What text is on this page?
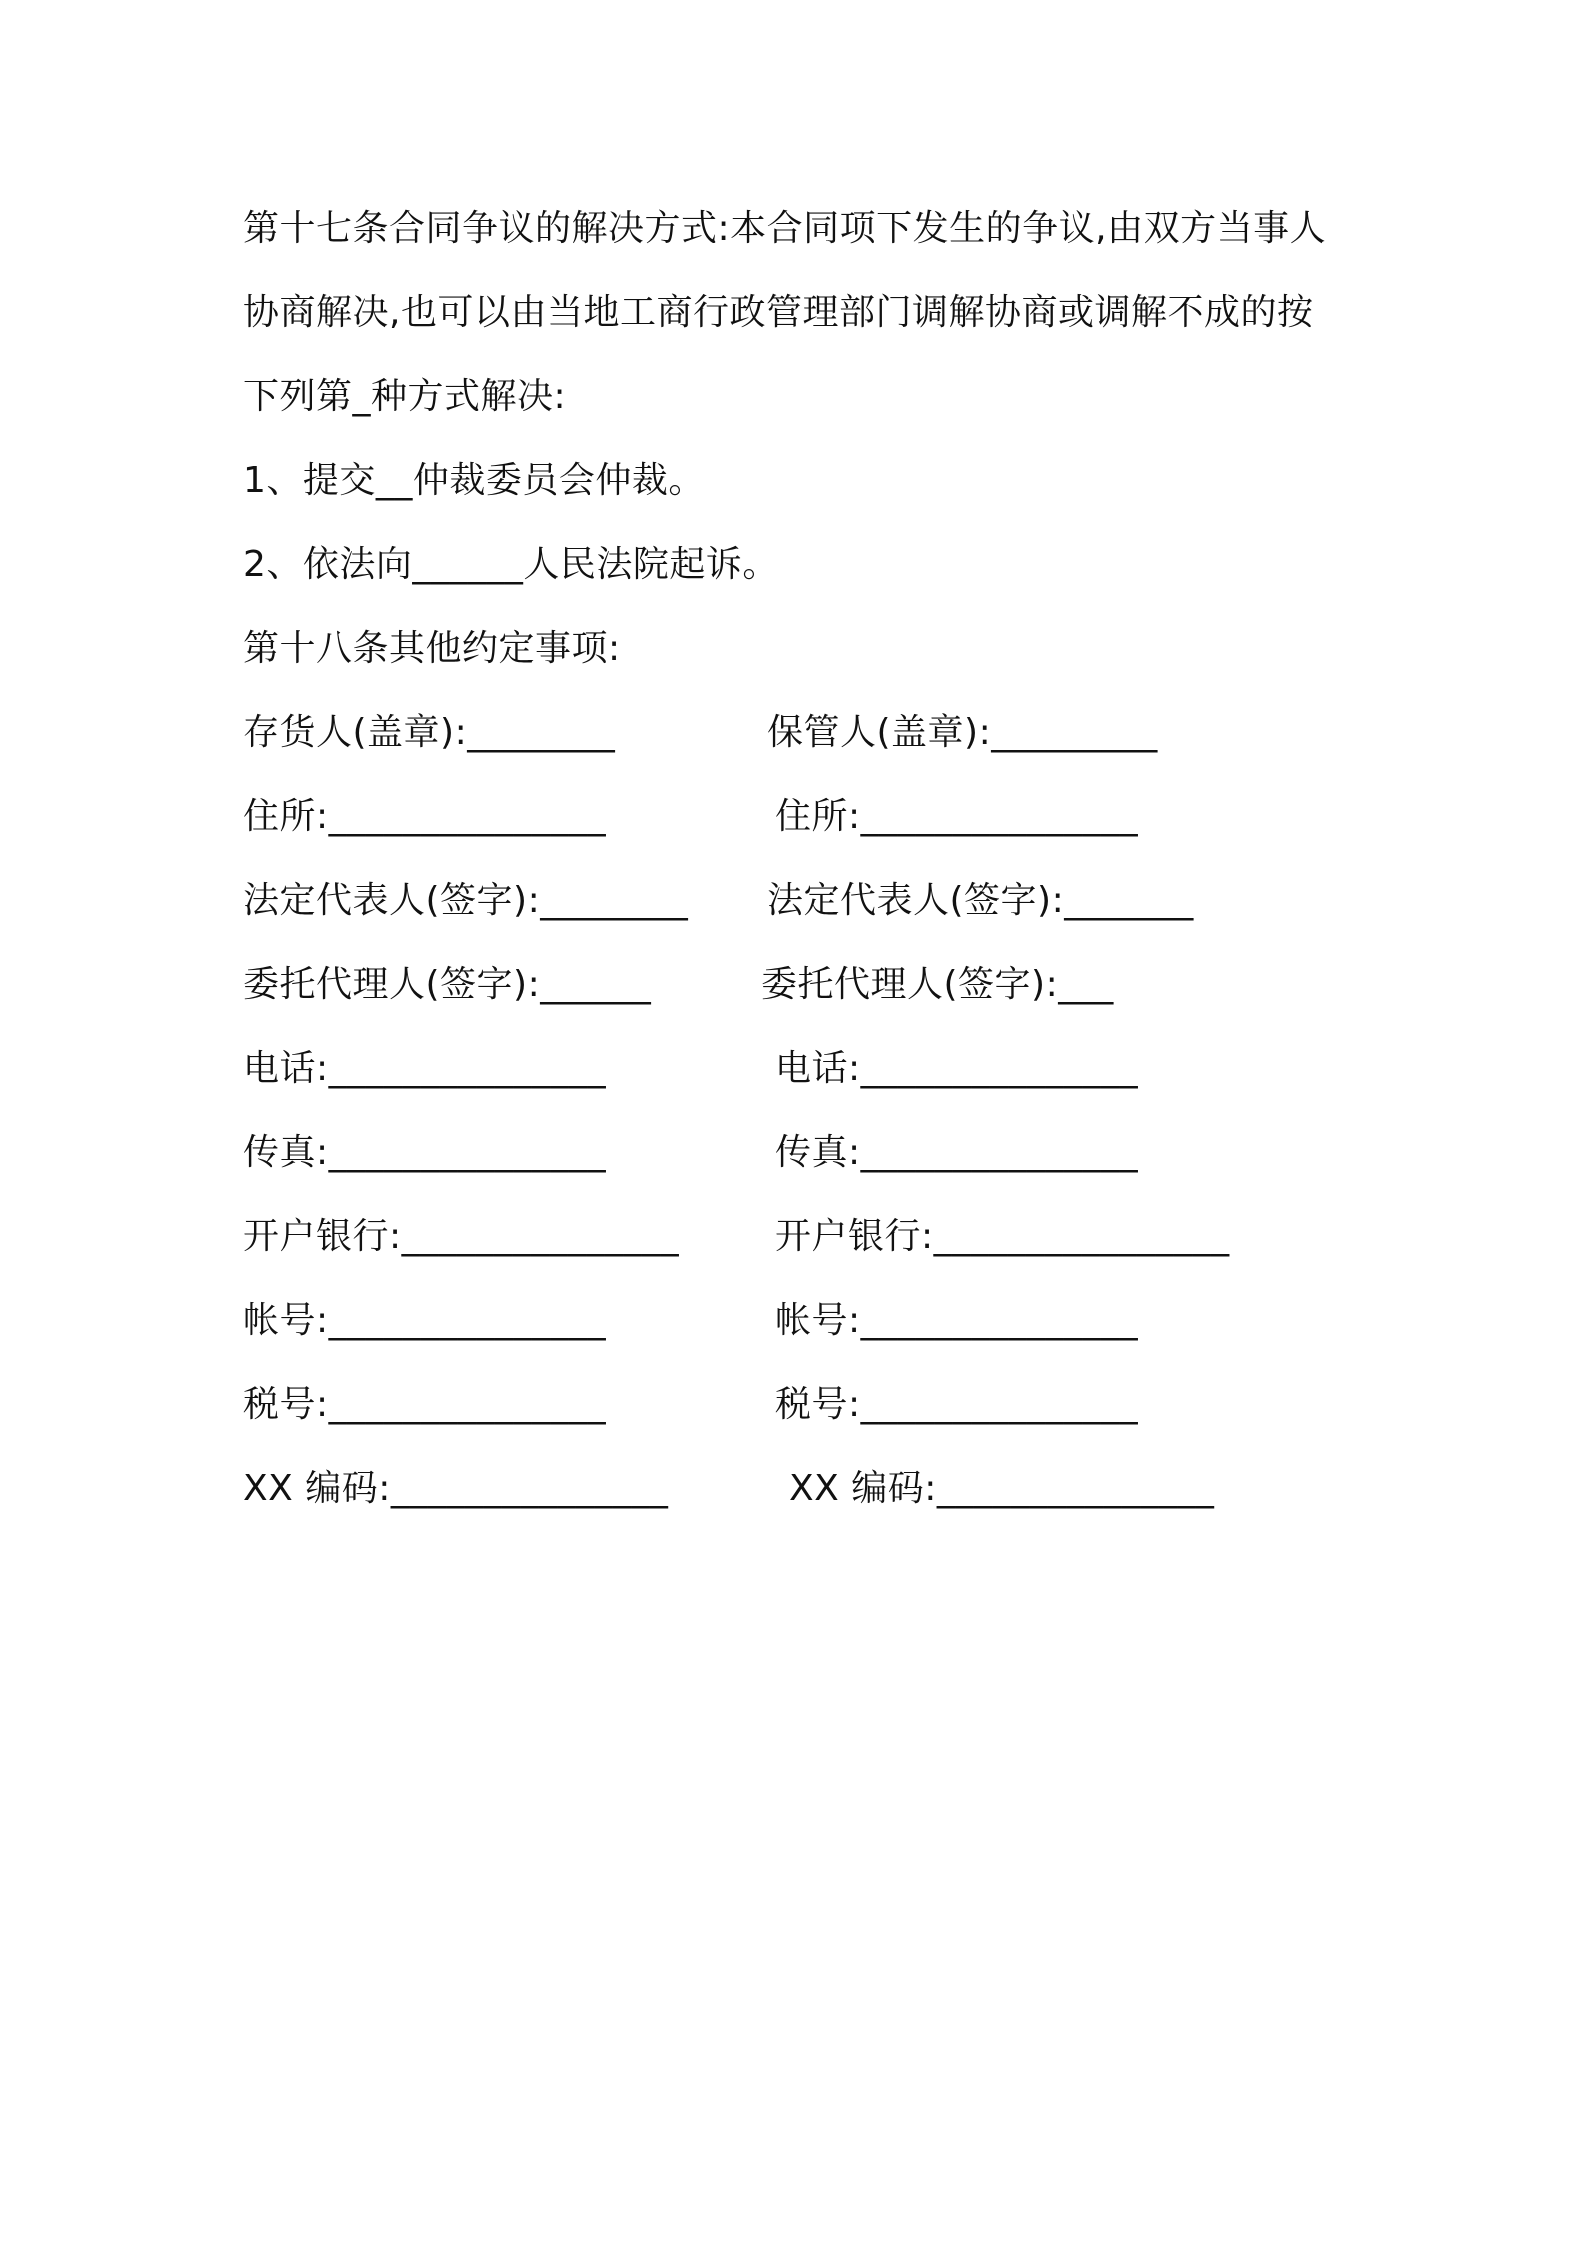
第十七条合同争议的解决方式:本合同项下发生的争议,由双方当事人
协商解决,也可以由当地工商行政管理部门调解协商或调解不成的按
下列第_种方式解决:
1、提交__仲裁委员会仲裁。
2、依法向______人民法院起诉。
第十八条其他约定事项:
存货人(盖章):________	保管人(盖章):_________
住所:_______________	住所:_______________
法定代表人(签字):________ 法定代表人(签字):_______
委托代理人(签字):______	委托代理人(签字):___
电话:_______________	电话:_______________
传真:_______________	传真:_______________
开户银行:_______________	开户银行:________________
帐号:_______________	帐号:_______________
税号:_______________	税号:_______________
XX 编码:_______________	XX 编码:_______________
